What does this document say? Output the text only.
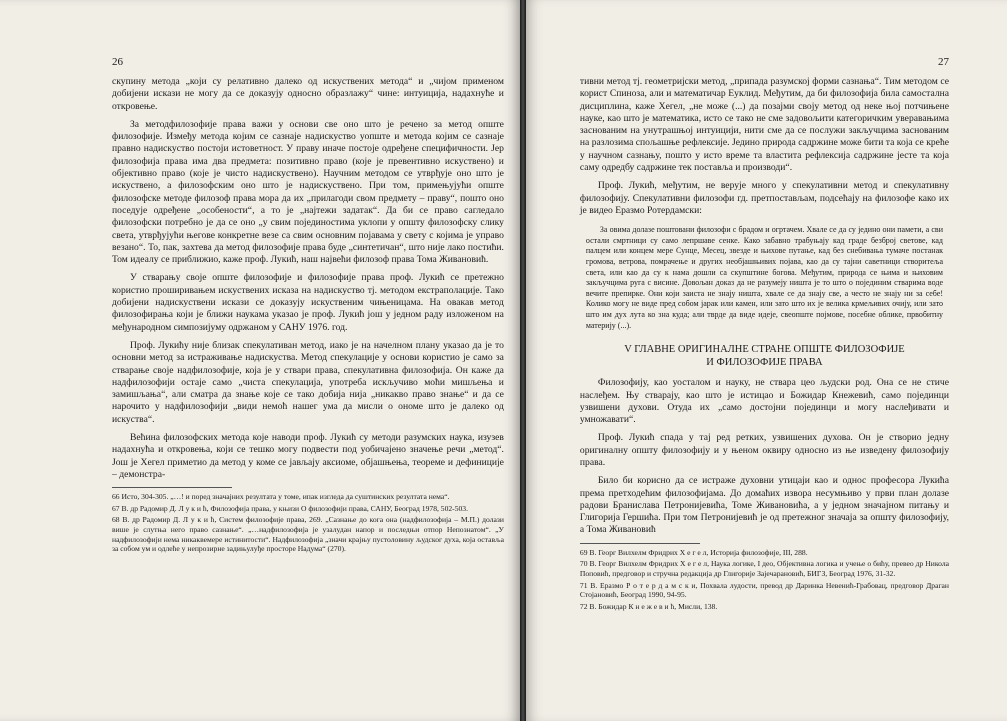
26

скупину метода „који су релативно далеко од искуствених метода“ и „чијом применом добијени искази не могу да се доказују односно образлажу“ чине: интуиција, надахнуће и откровење.

За методфилозофије права важи у основи све оно што је речено за метод опште филозофије. Између метода којим се сазнаје надискуство уопште и метода којим се сазнаје правно надискуство постоји истоветност. У праву иначе постоје одређене специфичности. Јер филозофија права има два предмета: позитивно право (које је превентивно искуствено) и објективно право (које је чисто надискуствено). Научним методом се утврђује оно што је искуствено, а филозофским оно што је надискуствено. При том, примењујући опште филозофске методе филозоф права мора да их „прилагоди свом предмету – праву“, пошто оно поседује одређене „особености“, а то је „најтежи задатак“. Да би се право сагледало филозофски потребно је да се оно „у свим појединостима уклопи у општу филозофску слику света, утврђујући његове конкретне везе са свим основним појавама у свету с којима је управо везано“. То, пак, захтева да метод филозофије права буде „синтетичан“, што није лако постићи. Том идеалу се приближио, каже проф. Лукић, наш највећи филозоф права Тома Живановић.

У стварању своје опште филозофије и филозофије права проф. Лукић се претежно користио проширивањем искуствених исказа на надискуство тј. методом екстраполације. Тако добијени надискуствени искази се доказују искуственим чињеницама. На овакав метод филозофирања који је ближи наукама указао је проф. Лукић још у једном раду изложеном на међународном симпозијуму одржаном у САНУ 1976. год.

Проф. Лукићу није близак спекулативан метод, иако је на начелном плану указао да је то основни метод за истраживање надискуства. Метод спекулације у основи користио је само за стварање своје надфилозофије, која је у ствари права, спекулативна филозофија. Он каже да надфилозофији остаје само „чиста спекулација, употреба искључиво моћи мишљења и замишљања“, али сматра да знање које се тако добија нија „никакво право знање“ и да се нарочито у надфилозофији „види немоћ нашег ума да мисли о ономе што је далеко од искуства“.

Већина филозофских метода које наводи проф. Лукић су методи разумских наука, изузев надахнућа и откровења, који се тешко могу подвести под уобичајено значење речи „метод“. Још је Хегел приметио да метод у коме се јављају аксиоме, објашњења, теореме и дефиниције – демонстра-

66 Исто, 304-305. „…! и поред значајних резултата у томе, ипак изгледа да суштинских резултата нема“.
67 В. др Радомир Д. Л у к и ћ, Филозофија права, у књизи О филозофији права, САНУ, Београд 1978, 502-503.
68 В. др Радомир Д. Л у к и ћ, Систем филозофије права, 269. „Сазнање до кога она (надфилозофија – М.П.) долази више је слутња него право сазнање“. „…надфилозофија је узалудан напор и последњи отпор Непознатом“. „У надфилозофији нема никаквемере истинитости“. Надфилозофија „значи крајњу пустоловину људског духа, која оставља за собом ум и одлеће у непрозирне задињулуђе просторе Надума“ (270).
27

тивни метод тј. геометријски метод, „припада разумској форми сазнања“. Тим методом се корист Спиноза, али и математичар Еуклид. Међутим, да би филозофија била самостална дисциплина, каже Хегел, „не може (...) да позајми своју метод од неке њој потчињене науке, као што је математика, исто се тако не сме задовољити категоричким уверавањима заснованим на унутрашњој интуицији, нити сме да се послужи закључцима заснованим на разлозима спољашње рефлексије. Једино природа садржине може бити та која се креће у научном сазнању, пошто у исто време та властита рефлексија садржине јесте та која саму одредбу садржине тек поставља и производи“.

Проф. Лукић, међутим, не верује много у спекулативни метод и спекулативну филозофију. Спекулативни филозофи гд. претпостављам, подсећају на филозофе како их је видео Еразмо Ротердамски:

За овима долазе поштовани филозофи с брадом и огртачем. Хвале се да су једино они памети, а сви остали смртници су само лепршаве сенке. Како забавно трабуњају кад граде безброј светове, кад палцем или концем мере Сунце, Месец, звезде и њихове путање, кад без снебивања тумаче постанак громова, ветрова, помрачење и других необјашњивих појава, као да су тајни саветници створитеља света, или као да су к нама дошли са скупштине богова. Међутим, природа се њима и њиховим закључцима руга с висине. Довољан доказ да не разумеју ништа је то што о појединим стварима воде вечите препирке. Они који заиста не знају ништа, хвале се да знају све, а често не знају ни за себе! Колико могу не виде пред собом јарак или камен, или зато што их је велика крмељивих очију, или зато што им дух лута ко зна куда; али тврде да виде идеје, свеопште појмове, посебне облике, првобитну материју (...).
V ГЛАВНЕ ОРИГИНАЛНЕ СТРАНЕ ОПШТЕ ФИЛОЗОФИЈЕ
И ФИЛОЗОФИЈЕ ПРАВА

Филозофију, као уосталом и науку, не ствара цео људски род. Она се не стиче наслеђем. Њу стварају, као што је истицао и Божидар Кнежевић, само појединци узвишени духови. Отуда их „само достојни појединци и могу наслеђивати и умножавати“.

Проф. Лукић спада у тај ред ретких, узвишених духова. Он је створио једну оригиналну општу филозофију и у њеном оквиру односно из ње изведену филозофију права.

Било би корисно да се истраже духовни утицаји као и однос професора Лукића према претходећим филозофијама. До домаћих извора несумњиво у први план долазе радови Бранислава Петронијевића, Томе Живановића, а у једном значајном питању и Глигорија Гершића. При том Петронијевић је од претежног значаја за општу филозофију, а Тома Живановић

69 В. Георг Вилхелм Фридрих Х е г е л, Историја филозофије, III, 288.
70 В. Георг Вилхелм Фридрих Х е г е л, Наука логике, I део, Објективна логика и учење о бићу, превео др Никола Поповић, предговор и стручна редакција др Глигорије Зајечарановић, БИГЗ, Београд 1976, 31-32.
71 В. Еразмо Р о т е р д а м с к и, Похвала лудости, превод др Даринка Невенић-Грабовац, предговор Драган Стојановић, Београд 1990, 94-95.
72 В. Божидар К н е ж е в и ћ, Мисли, 138.
